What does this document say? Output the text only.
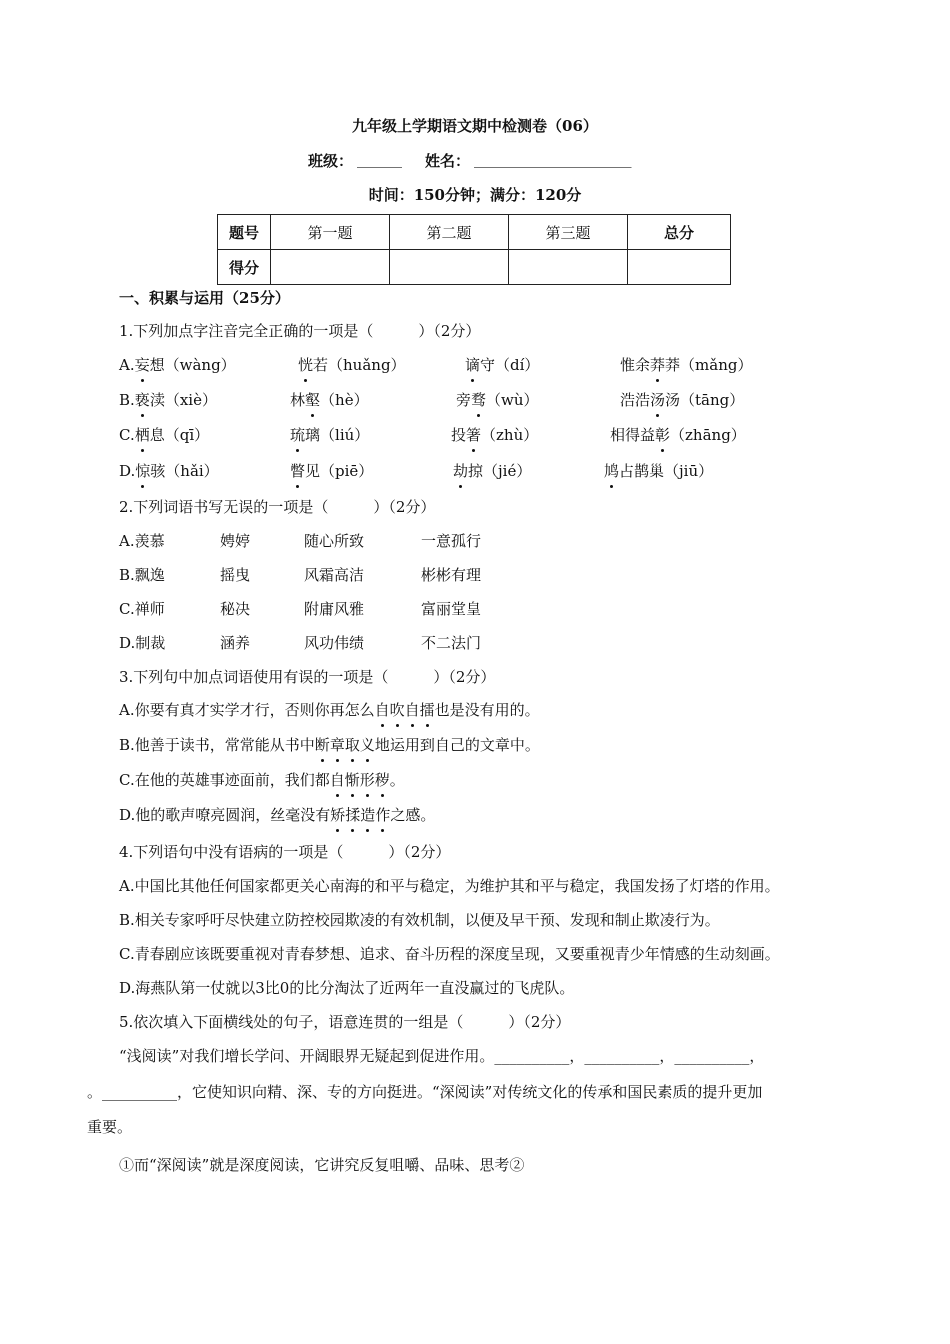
九年级上学期语文期中检测卷（06）
班级： ______ 姓名： _____________________
时间：150分钟；满分：120分
题号	第一题	第二题	第三题	总分
得分				
一、积累与运用（25分）
1.下列加点字注音完全正确的一项是（　　　）（2分）
A.妄想（wàng）	恍若（huǎng）	谪守（dí）	惟余莽莽（mǎng）
B.亵渎（xiè）	林壑（hè）	旁骛（wù）	浩浩汤汤（tāng）
C.栖息（qī）	琉璃（liú）	投箸（zhù）	相得益彰（zhāng）
D.惊骇（hǎi）	瞥见（piē）	劫掠（jié）	鸠占鹊巢（jiū）
2.下列词语书写无误的一项是（　　　）（2分）
A.羡慕	娉婷	随心所致	一意孤行
B.飘逸	摇曳	风霜高洁	彬彬有理
C.禅师	秘决	附庸风雅	富丽堂皇
D.制裁	涵养	风功伟绩	不二法门
3.下列句中加点词语使用有误的一项是（　　　）（2分）
A.你要有真才实学才行，否则你再怎么自吹自擂也是没有用的。
B.他善于读书，常常能从书中断章取义地运用到自己的文章中。
C.在他的英雄事迹面前，我们都自惭形秽。
D.他的歌声嘹亮圆润，丝毫没有矫揉造作之感。
4.下列语句中没有语病的一项是（　　　）（2分）
A.中国比其他任何国家都更关心南海的和平与稳定，为维护其和平与稳定，我国发扬了灯塔的作用。
B.相关专家呼吁尽快建立防控校园欺凌的有效机制，以便及早干预、发现和制止欺凌行为。
C.青春剧应该既要重视对青春梦想、追求、奋斗历程的深度呈现，又要重视青少年情感的生动刻画。
D.海燕队第一仗就以3比0的比分淘汰了近两年一直没赢过的飞虎队。
5.依次填入下面横线处的句子，语意连贯的一组是（　　　）（2分）
“浅阅读”对我们增长学问、开阔眼界无疑起到促进作用。__________，__________，__________，
。__________，它使知识向精、深、专的方向挺进。“深阅读”对传统文化的传承和国民素质的提升更加
重要。
①而“深阅读”就是深度阅读，它讲究反复咀嚼、品味、思考②
